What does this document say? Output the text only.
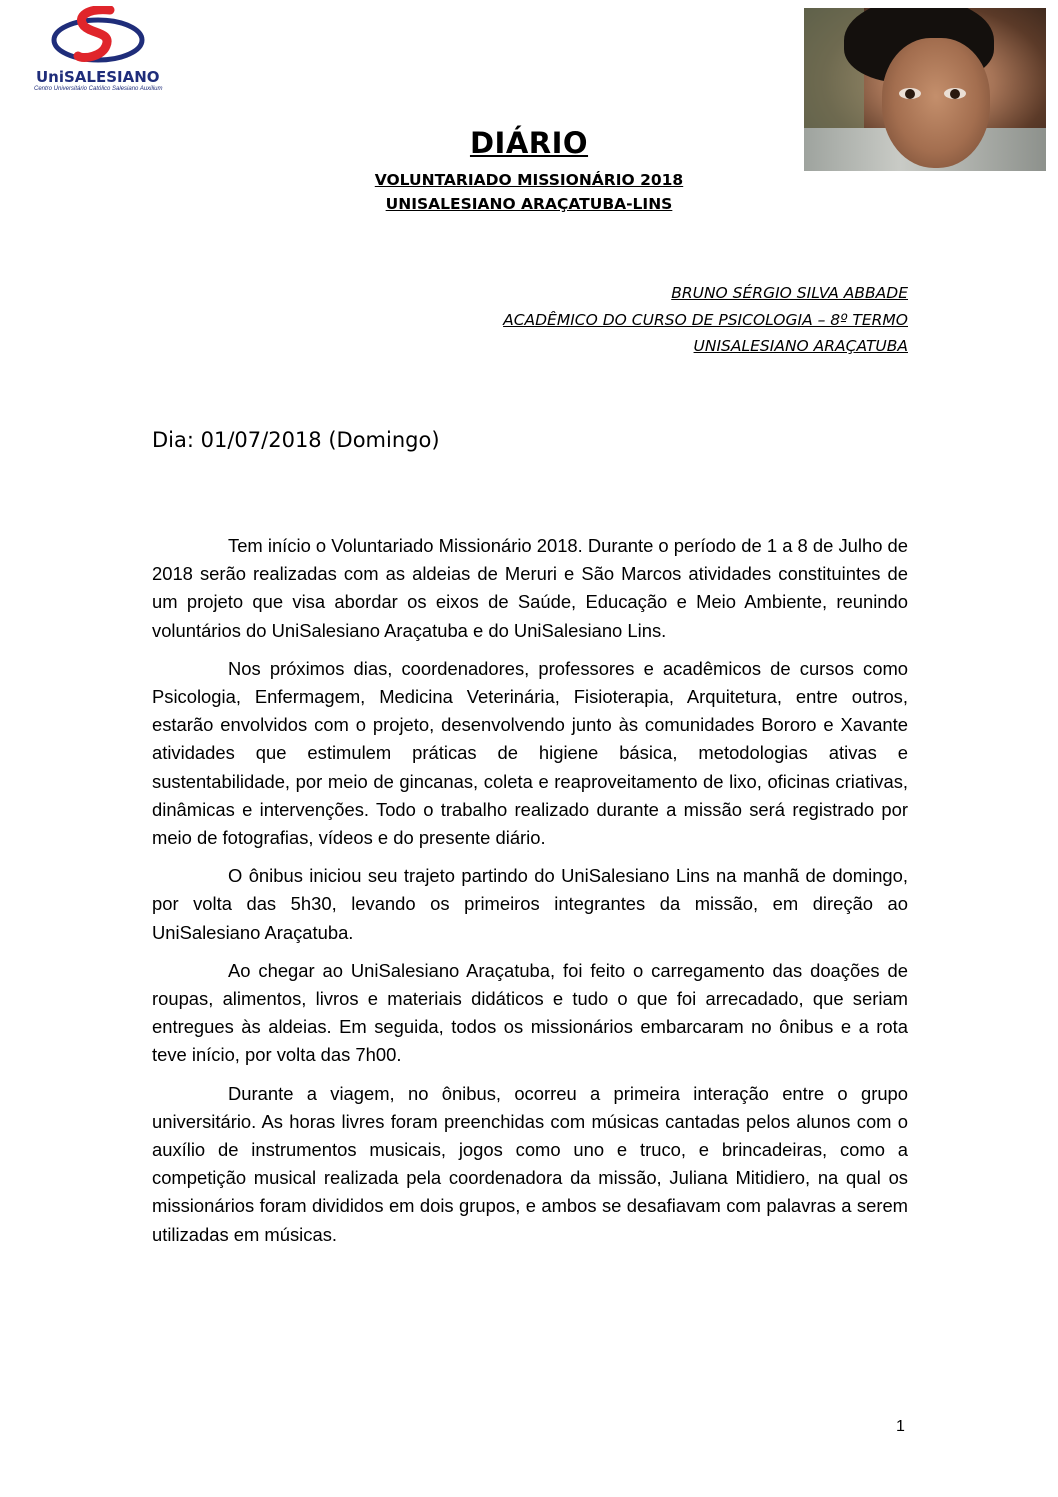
UniSALESIANO
Centro Universitário Católico Salesiano Auxilium
DIÁRIO
VOLUNTARIADO MISSIONÁRIO 2018
UNISALESIANO ARAÇATUBA-LINS
BRUNO SÉRGIO SILVA ABBADE
ACADÊMICO DO CURSO DE PSICOLOGIA – 8º TERMO
UNISALESIANO ARAÇATUBA
Dia: 01/07/2018 (Domingo)

Tem início o Voluntariado Missionário 2018. Durante o período de 1 a 8 de Julho de 2018 serão realizadas com as aldeias de Meruri e São Marcos atividades constituintes de um projeto que visa abordar os eixos de Saúde, Educação e Meio Ambiente, reunindo voluntários do UniSalesiano Araçatuba e do UniSalesiano Lins.

Nos próximos dias, coordenadores, professores e acadêmicos de cursos como Psicologia, Enfermagem, Medicina Veterinária, Fisioterapia, Arquitetura, entre outros, estarão envolvidos com o projeto, desenvolvendo junto às comunidades Bororo e Xavante atividades que estimulem práticas de higiene básica, metodologias ativas e sustentabilidade, por meio de gincanas, coleta e reaproveitamento de lixo, oficinas criativas, dinâmicas e intervenções. Todo o trabalho realizado durante a missão será registrado por meio de fotografias, vídeos e do presente diário.

O ônibus iniciou seu trajeto partindo do UniSalesiano Lins na manhã de domingo, por volta das 5h30, levando os primeiros integrantes da missão, em direção ao UniSalesiano Araçatuba.

Ao chegar ao UniSalesiano Araçatuba, foi feito o carregamento das doações de roupas, alimentos, livros e materiais didáticos e tudo o que foi arrecadado, que seriam entregues às aldeias. Em seguida, todos os missionários embarcaram no ônibus e a rota teve início, por volta das 7h00.

Durante a viagem, no ônibus, ocorreu a primeira interação entre o grupo universitário. As horas livres foram preenchidas com músicas cantadas pelos alunos com o auxílio de instrumentos musicais, jogos como uno e truco, e brincadeiras, como a competição musical realizada pela coordenadora da missão, Juliana Mitidiero, na qual os missionários foram divididos em dois grupos, e ambos se desafiavam com palavras a serem utilizadas em músicas.

1
